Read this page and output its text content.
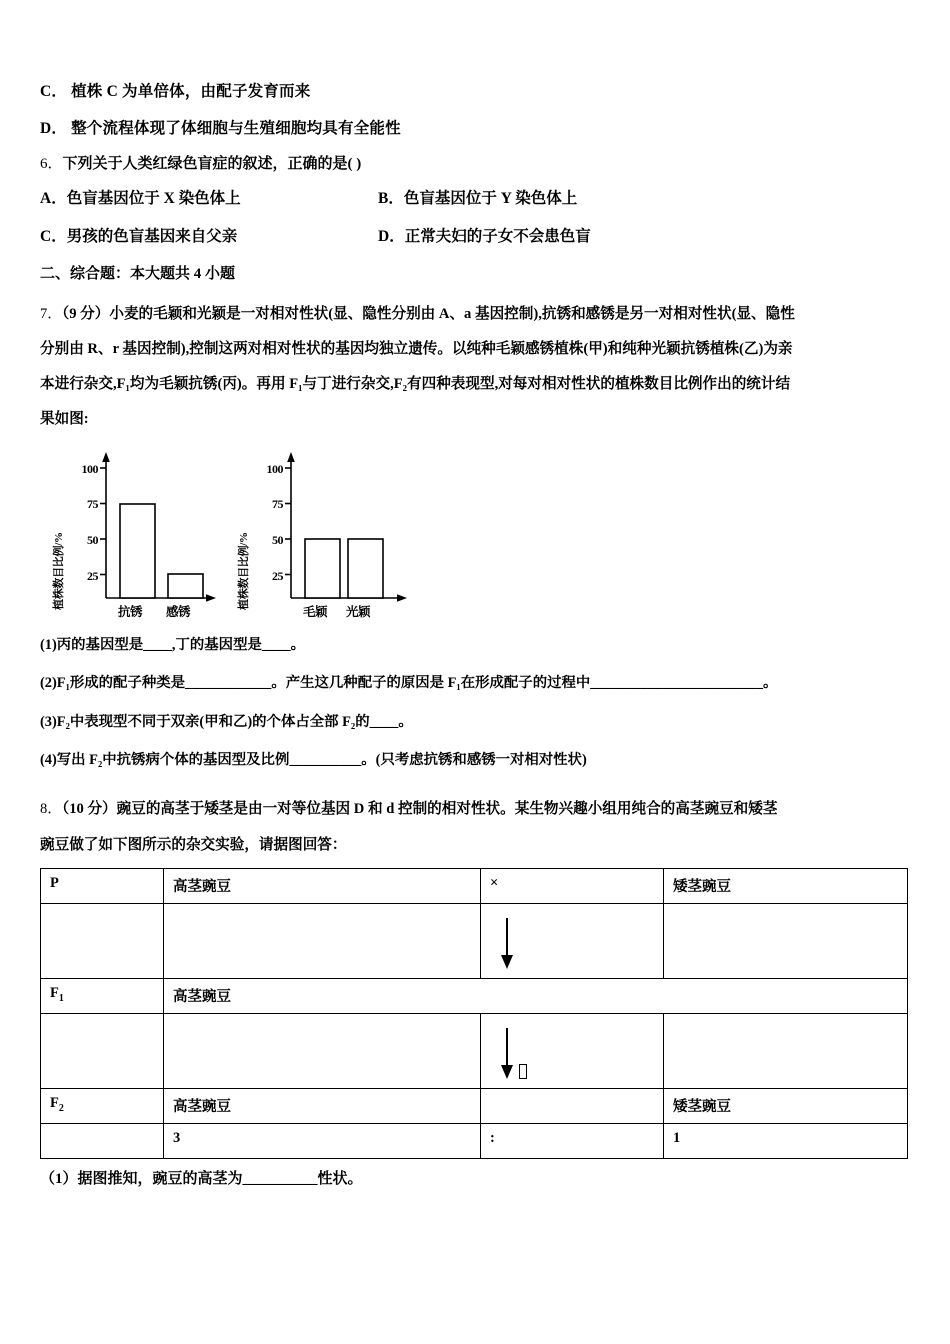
C． 植株 C 为单倍体，由配子发育而来
D． 整个流程体现了体细胞与生殖细胞均具有全能性
6．下列关于人类红绿色盲症的叙述，正确的是( )
A．色盲基因位于 X 染色体上	B．色盲基因位于 Y 染色体上
C．男孩的色盲基因来自父亲	D．正常夫妇的子女不会患色盲
二、综合题：本大题共 4 小题
7．（9 分）小麦的毛颖和光颖是一对相对性状(显、隐性分别由 A、a 基因控制),抗锈和感锈是另一对相对性状(显、隐性
分别由 R、r 基因控制),控制这两对相对性状的基因均独立遗传。以纯种毛颖感锈植株(甲)和纯种光颖抗锈植株(乙)为亲
本进行杂交,F₁均为毛颖抗锈(丙)。再用 F₁与丁进行杂交,F₂有四种表现型,对每对相对性状的植株数目比例作出的统计结
果如图:
植株数目比例/%
100
75
50
25
抗锈 感锈
植株数目比例/%
100
75
50
25
毛颖 光颖
(1)丙的基因型是____,丁的基因型是____。
(2)F₁形成的配子种类是____________。产生这几种配子的原因是 F₁在形成配子的过程中________________________。
(3)F₂中表现型不同于双亲(甲和乙)的个体占全部 F₂的____。
(4)写出 F₂中抗锈病个体的基因型及比例__________。(只考虑抗锈和感锈一对相对性状)
8．（10 分）豌豆的高茎于矮茎是由一对等位基因 D 和 d 控制的相对性状。某生物兴趣小组用纯合的高茎豌豆和矮茎
豌豆做了如下图所示的杂交实验，请据图回答：
P	高茎豌豆	×	矮茎豌豆

$F_1$	高茎豌豆		

$F_2$	高茎豌豆		矮茎豌豆
	3	:	1
（1）据图推知，豌豆的高茎为__________性状。
